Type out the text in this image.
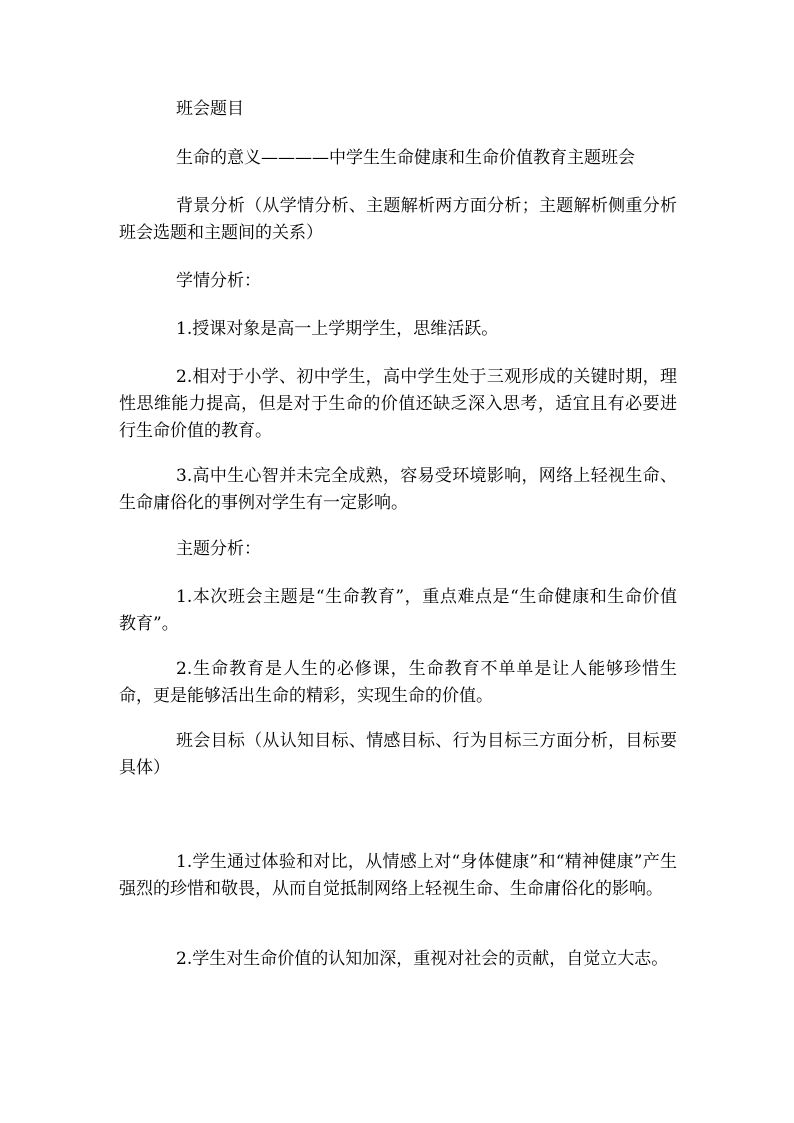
班会题目

生命的意义————中学生生命健康和生命价值教育主题班会

背景分析（从学情分析、主题解析两方面分析；主题解析侧重分析班会选题和主题间的关系）

学情分析：

1.授课对象是高一上学期学生，思维活跃。

2.相对于小学、初中学生，高中学生处于三观形成的关键时期，理性思维能力提高，但是对于生命的价值还缺乏深入思考，适宜且有必要进行生命价值的教育。

3.高中生心智并未完全成熟，容易受环境影响，网络上轻视生命、生命庸俗化的事例对学生有一定影响。

主题分析：

1.本次班会主题是“生命教育”，重点难点是“生命健康和生命价值教育”。

2.生命教育是人生的必修课，生命教育不单单是让人能够珍惜生命，更是能够活出生命的精彩，实现生命的价值。

班会目标（从认知目标、情感目标、行为目标三方面分析，目标要具体）

1.学生通过体验和对比，从情感上对“身体健康”和“精神健康”产生强烈的珍惜和敬畏，从而自觉抵制网络上轻视生命、生命庸俗化的影响。

2.学生对生命价值的认知加深，重视对社会的贡献，自觉立大志。
